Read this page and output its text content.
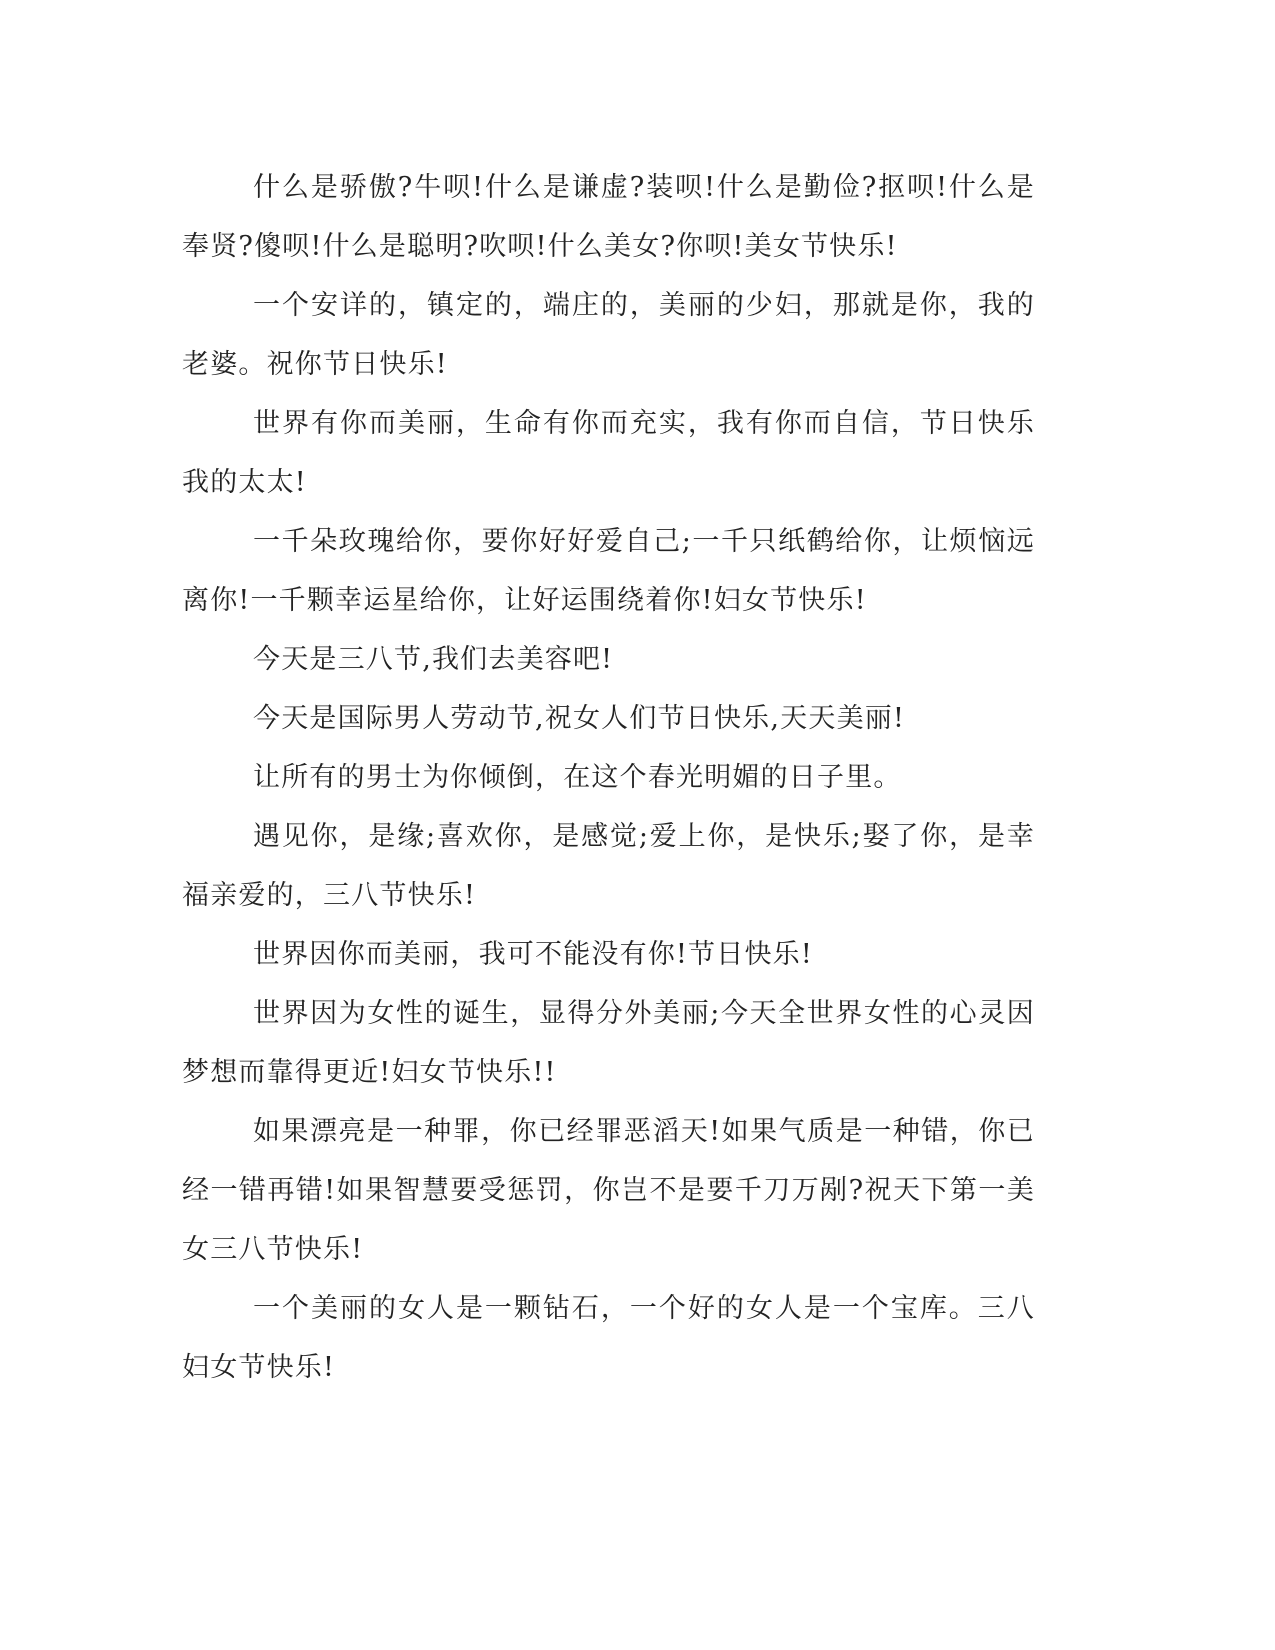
什么是骄傲?牛呗!什么是谦虚?装呗!什么是勤俭?抠呗!什么是奉贤?傻呗!什么是聪明?吹呗!什么美女?你呗!美女节快乐!

一个安详的，镇定的，端庄的，美丽的少妇，那就是你，我的老婆。祝你节日快乐!

世界有你而美丽，生命有你而充实，我有你而自信，节日快乐我的太太!

一千朵玫瑰给你，要你好好爱自己;一千只纸鹤给你，让烦恼远离你!一千颗幸运星给你，让好运围绕着你!妇女节快乐!

今天是三八节,我们去美容吧!

今天是国际男人劳动节,祝女人们节日快乐,天天美丽!

让所有的男士为你倾倒，在这个春光明媚的日子里。

遇见你，是缘;喜欢你，是感觉;爱上你，是快乐;娶了你，是幸福亲爱的，三八节快乐!

世界因你而美丽，我可不能没有你!节日快乐!

世界因为女性的诞生，显得分外美丽;今天全世界女性的心灵因梦想而靠得更近!妇女节快乐!!

如果漂亮是一种罪，你已经罪恶滔天!如果气质是一种错，你已经一错再错!如果智慧要受惩罚，你岂不是要千刀万剐?祝天下第一美女三八节快乐!

一个美丽的女人是一颗钻石，一个好的女人是一个宝库。三八妇女节快乐!
